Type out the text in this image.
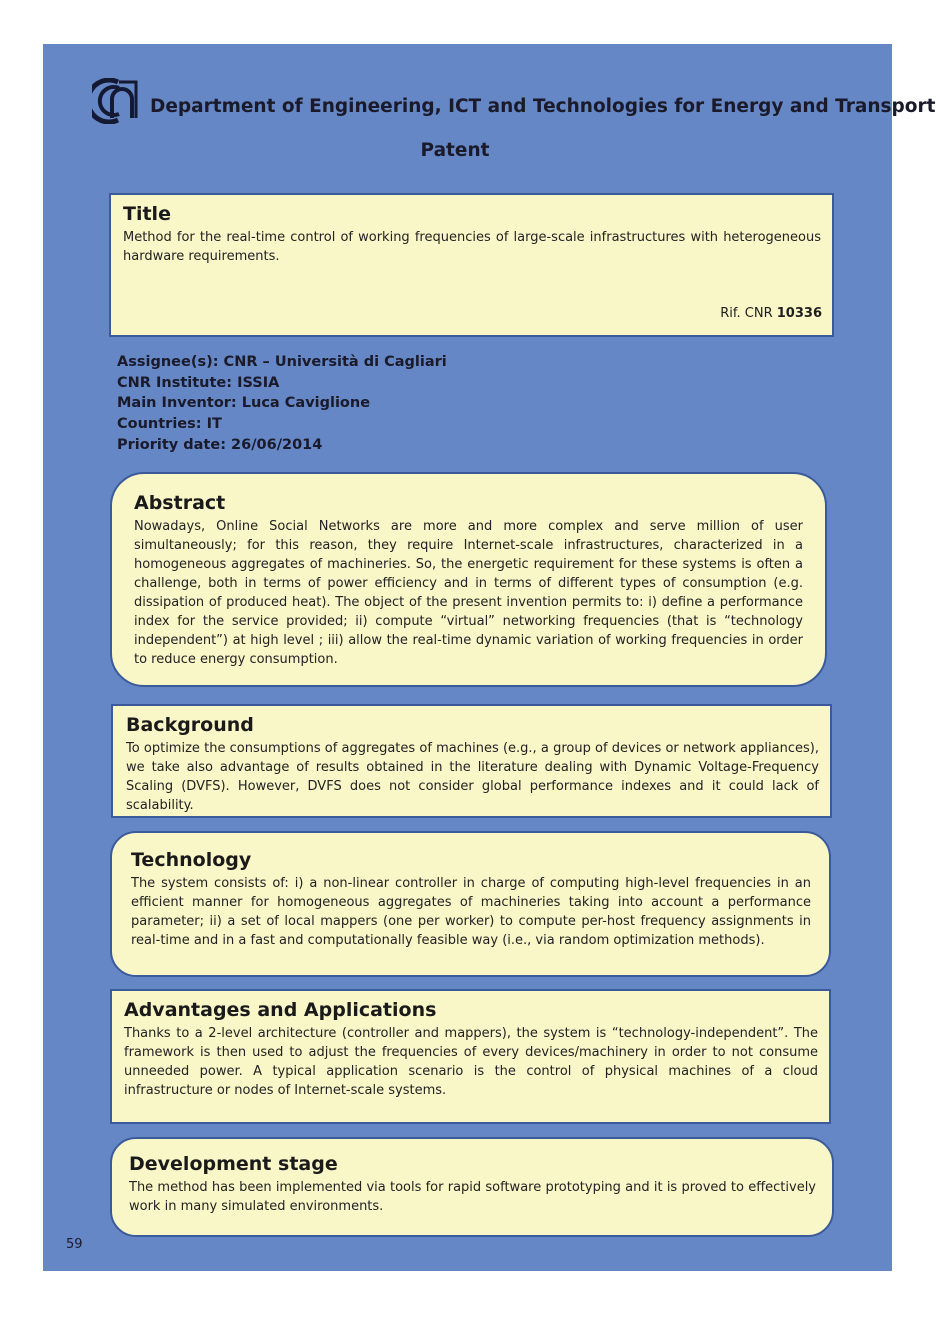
Department of Engineering, ICT and Technologies for Energy and Transport
Patent
Title

Method for the real-time control of working frequencies of large-scale infrastructures with heterogeneous hardware requirements.

Rif. CNR 10336
Assignee(s): CNR – Università di Cagliari
CNR Institute: ISSIA
Main Inventor: Luca Caviglione
Countries: IT
Priority date: 26/06/2014
Abstract

Nowadays, Online Social Networks are more and more complex and serve million of user simultaneously; for this reason, they require Internet-scale infrastructures, characterized in a homogeneous aggregates of machineries. So, the energetic requirement for these systems is often a challenge, both in terms of power efficiency and in terms of different types of consumption (e.g. dissipation of produced heat). The object of the present invention permits to: i) define a performance index for the service provided; ii) compute “virtual” networking frequencies (that is “technology independent”) at high level ; iii) allow the real-time dynamic variation of working frequencies in order to reduce energy consumption.

Background

To optimize the consumptions of aggregates of machines (e.g., a group of devices or network appliances), we take also advantage of results obtained in the literature dealing with Dynamic Voltage-Frequency Scaling (DVFS). However, DVFS does not consider global performance indexes and it could lack of scalability.

Technology

The system consists of: i) a non-linear controller in charge of computing high-level frequencies in an efficient manner for homogeneous aggregates of machineries taking into account a performance parameter; ii) a set of local mappers (one per worker) to compute per-host frequency assignments in real-time and in a fast and computationally feasible way (i.e., via random optimization methods).

Advantages and Applications

Thanks to a 2-level architecture (controller and mappers), the system is “technology-independent”. The framework is then used to adjust the frequencies of every devices/machinery in order to not consume unneeded power. A typical application scenario is the control of physical machines of a cloud infrastructure or nodes of Internet-scale systems.

Development stage

The method has been implemented via tools for rapid software prototyping and it is proved to effectively work in many simulated environments.

59
